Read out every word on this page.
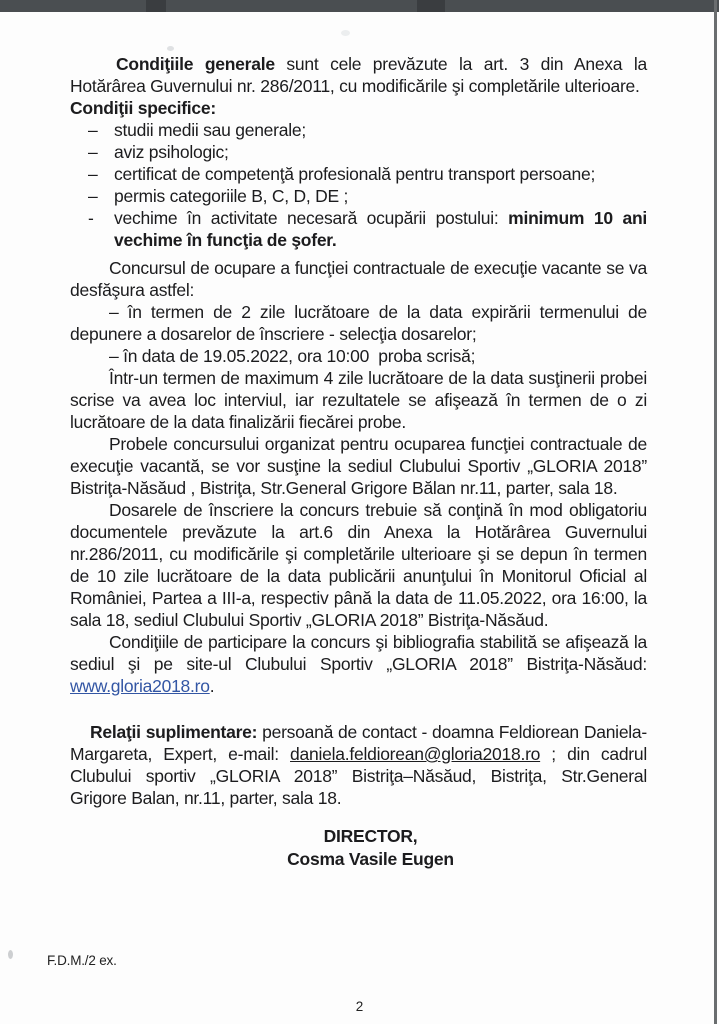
Condiţiile generale sunt cele prevăzute la art. 3 din Anexa la Hotărârea Guvernului nr. 286/2011, cu modificările şi completările ulterioare.

Condiţii specifice:

– studii medii sau generale;
– aviz psihologic;
– certificat de competenţă profesională pentru transport persoane;
– permis categoriile B, C, D, DE ;
- vechime în activitate necesară ocupării postului: minimum 10 ani vechime în funcţia de şofer.

Concursul de ocupare a funcţiei contractuale de execuţie vacante se va desfăşura astfel:

– în termen de 2 zile lucrătoare de la data expirării termenului de depunere a dosarelor de înscriere - selecţia dosarelor;

– în data de 19.05.2022, ora 10:00  proba scrisă;

Într-un termen de maximum 4 zile lucrătoare de la data susţinerii probei scrise va avea loc interviul, iar rezultatele se afişează în termen de o zi lucrătoare de la data finalizării fiecărei probe.

Probele concursului organizat pentru ocuparea funcţiei contractuale de execuţie vacantă, se vor susţine la sediul Clubului Sportiv „GLORIA 2018” Bistriţa-Năsăud , Bistriţa, Str.General Grigore Bălan nr.11, parter, sala 18.

Dosarele de înscriere la concurs trebuie să conţină în mod obligatoriu documentele prevăzute la art.6 din Anexa la Hotărârea Guvernului nr.286/2011, cu modificările şi completările ulterioare şi se depun în termen de 10 zile lucrătoare de la data publicării anunţului în Monitorul Oficial al României, Partea a III-a, respectiv până la data de 11.05.2022, ora 16:00, la sala 18, sediul Clubului Sportiv „GLORIA 2018” Bistriţa-Năsăud.

Condiţiile de participare la concurs şi bibliografia stabilită se afişează la sediul şi pe site-ul Clubului Sportiv „GLORIA 2018” Bistriţa-Năsăud: www.gloria2018.ro.

Relaţii suplimentare: persoană de contact - doamna Feldiorean Daniela-Margareta, Expert, e-mail: daniela.feldiorean@gloria2018.ro ; din cadrul Clubului sportiv „GLORIA 2018” Bistriţa–Năsăud, Bistriţa, Str.General Grigore Balan, nr.11, parter, sala 18.

DIRECTOR,
Cosma Vasile Eugen
F.D.M./2 ex.
2
